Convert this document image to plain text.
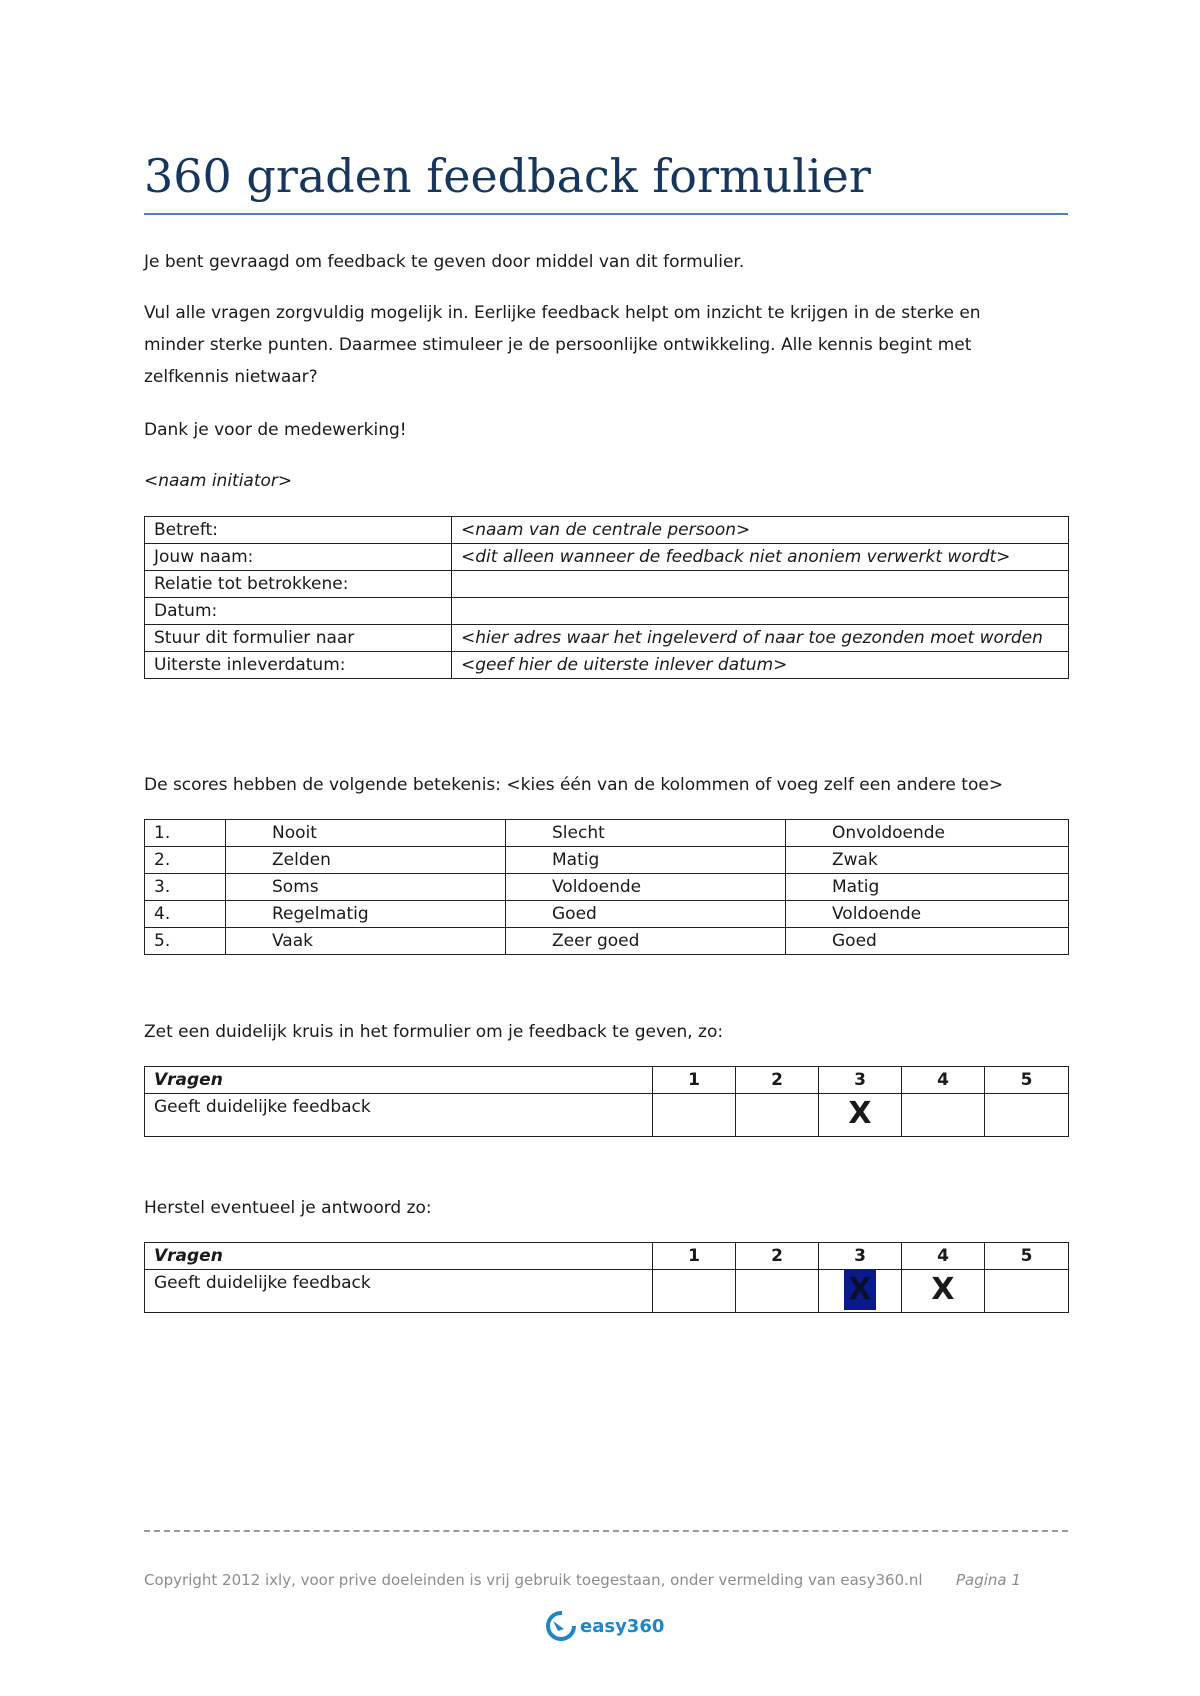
360 graden feedback formulier
Je bent gevraagd om feedback te geven door middel van dit formulier.
Vul alle vragen zorgvuldig mogelijk in. Eerlijke feedback helpt om inzicht te krijgen in de sterke en
minder sterke punten. Daarmee stimuleer je de persoonlijke ontwikkeling. Alle kennis begint met
zelfkennis nietwaar?
Dank je voor de medewerking!
<naam initiator>
Betreft:	<naam van de centrale persoon>
Jouw naam:	<dit alleen wanneer de feedback niet anoniem verwerkt wordt>
Relatie tot betrokkene:	
Datum:	
Stuur dit formulier naar	<hier adres waar het ingeleverd of naar toe gezonden moet worden
Uiterste inleverdatum:	<geef hier de uiterste inlever datum>
De scores hebben de volgende betekenis: <kies één van de kolommen of voeg zelf een andere toe>
1.	Nooit	Slecht	Onvoldoende
2.	Zelden	Matig	Zwak
3.	Soms	Voldoende	Matig
4.	Regelmatig	Goed	Voldoende
5.	Vaak	Zeer goed	Goed
Zet een duidelijk kruis in het formulier om je feedback te geven, zo:
Vragen	1	2	3	4	5
Geeft duidelijke feedback			X		
Herstel eventueel je antwoord zo:
Vragen	1	2	3	4	5
Geeft duidelijke feedback			X	X	
Copyright 2012 ixly, voor prive doeleinden is vrij gebruik toegestaan, onder vermelding van easy360.nl Pagina 1
easy360
